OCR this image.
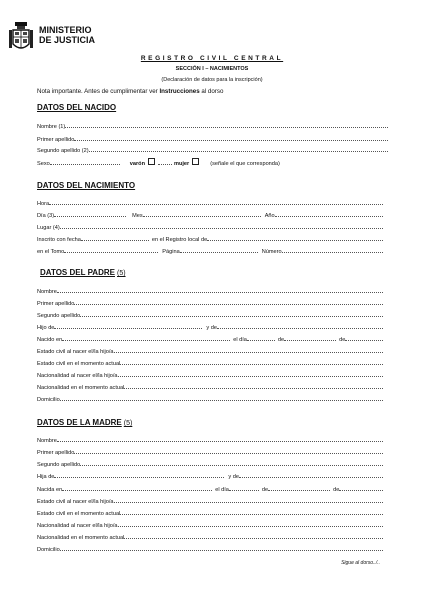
MINISTERIO
DE JUSTICIA
REGISTRO CIVIL CENTRAL
SECCIÓN I – NACIMIENTOS
(Declaración de datos para la inscripción)
Nota importante. Antes de cumplimentar ver Instrucciones al dorso
DATOS DEL NACIDO
Nombre (1)
Primer apellido
Segundo apellido (2)
Sexo	varón	mujer	(señale el que corresponda)
DATOS DEL NACIMIENTO
Hora
Día (3)	Mes	Año
Lugar (4)
Inscrito con fecha	en el Registro local de
en el Tomo	Página	Número
DATOS DEL PADRE (5)
Nombre
Primer apellido
Segundo apellido
Hijo de	y de
Nacido en	el día	de	de
Estado civil al nacer el/la hijo/a
Estado civil en el momento actual
Nacionalidad al nacer el/la hijo/a
Nacionalidad en el momento actual
Domicilio
DATOS DE LA MADRE (5)
Nombre
Primer apellido
Segundo apellido
Hija de	y de
Nacida en	el día	de	de
Estado civil al nacer el/la hijo/a
Estado civil en el momento actual
Nacionalidad al nacer el/la hijo/a
Nacionalidad en el momento actual
Domicilio
Sigue al dorso../..
